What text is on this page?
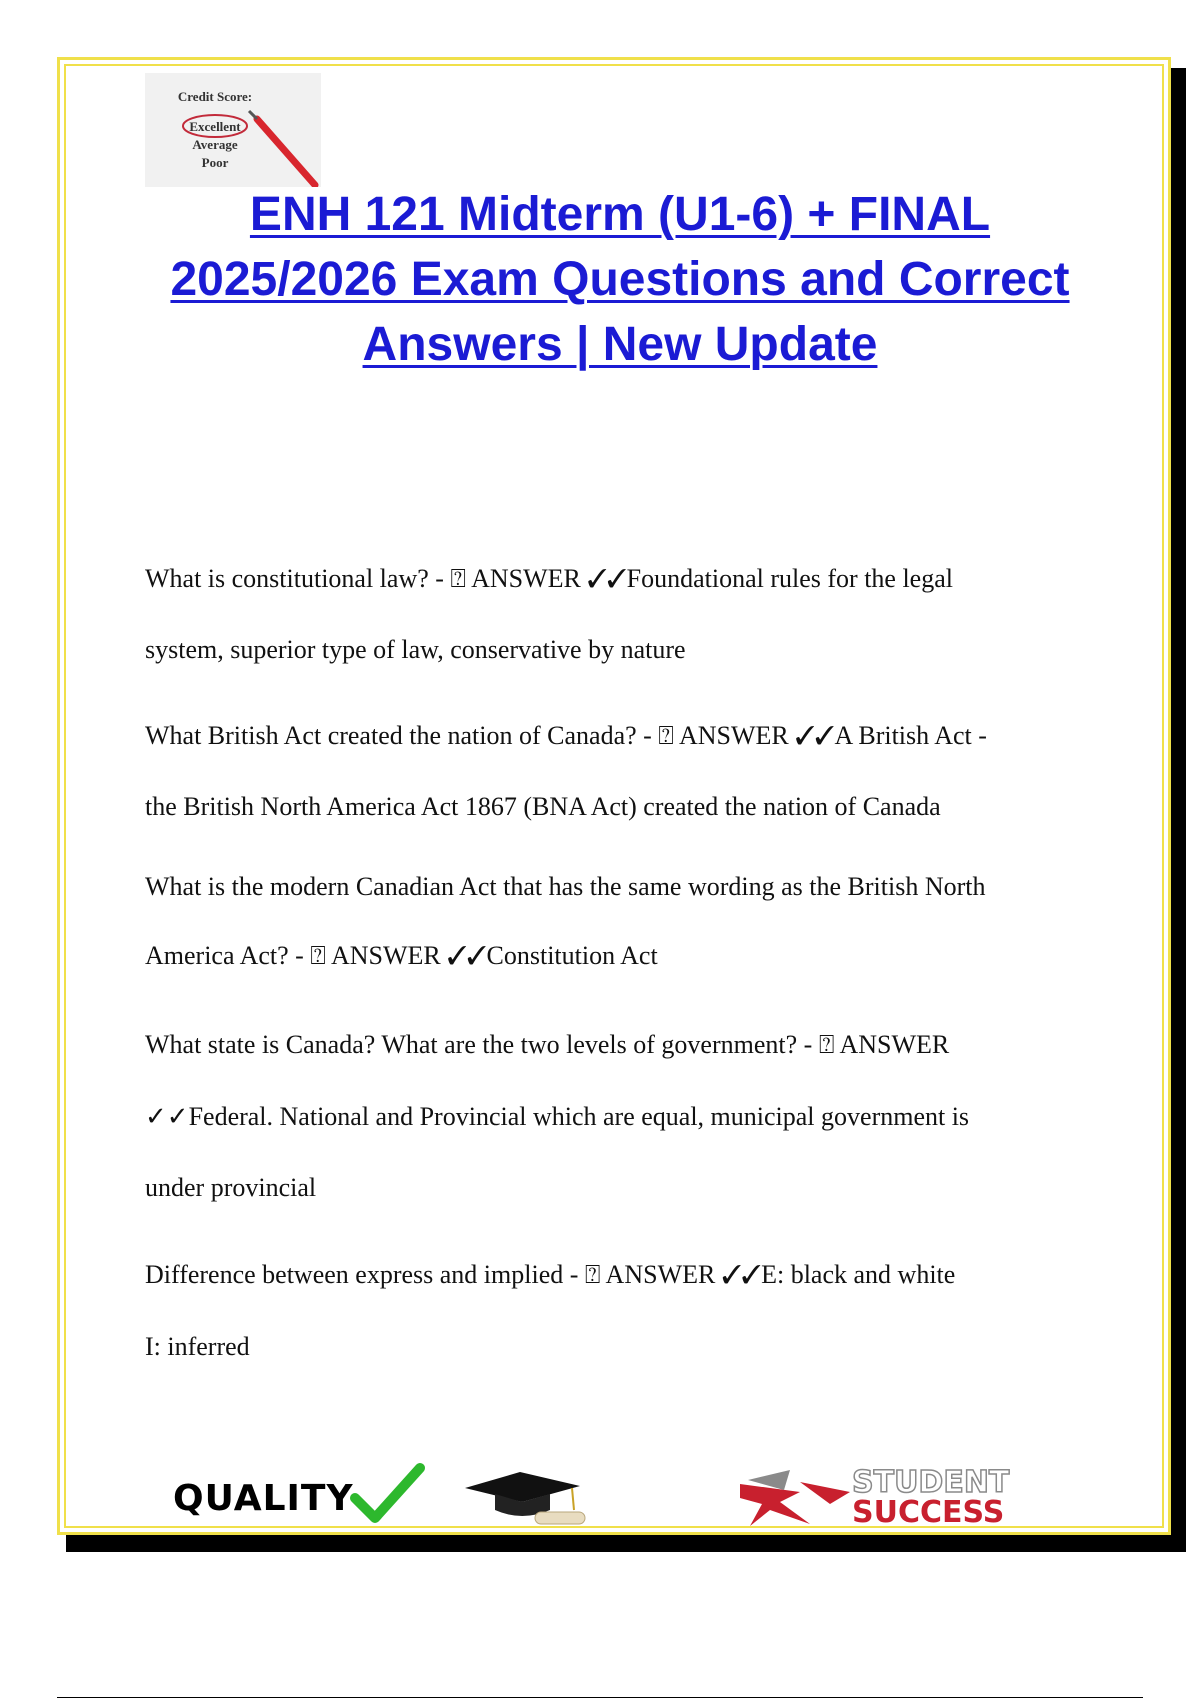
Credit Score:
Excellent
Average
Poor
ENH 121 Midterm (U1-6) + FINAL
2025/2026 Exam Questions and Correct
Answers | New Update
What is constitutional law? - ⍰ ANSWER ✓✓Foundational rules for the legal
system, superior type of law, conservative by nature
What British Act created the nation of Canada? - ⍰ ANSWER ✓✓A British Act -
the British North America Act 1867 (BNA Act) created the nation of Canada
What is the modern Canadian Act that has the same wording as the British North
America Act? - ⍰ ANSWER ✓✓Constitution Act
What state is Canada? What are the two levels of government? - ⍰ ANSWER
✓✓Federal. National and Provincial which are equal, municipal government is
under provincial
Difference between express and implied - ⍰ ANSWER ✓✓E: black and white
I: inferred
QUALITY	STUDENT
SUCCESS
